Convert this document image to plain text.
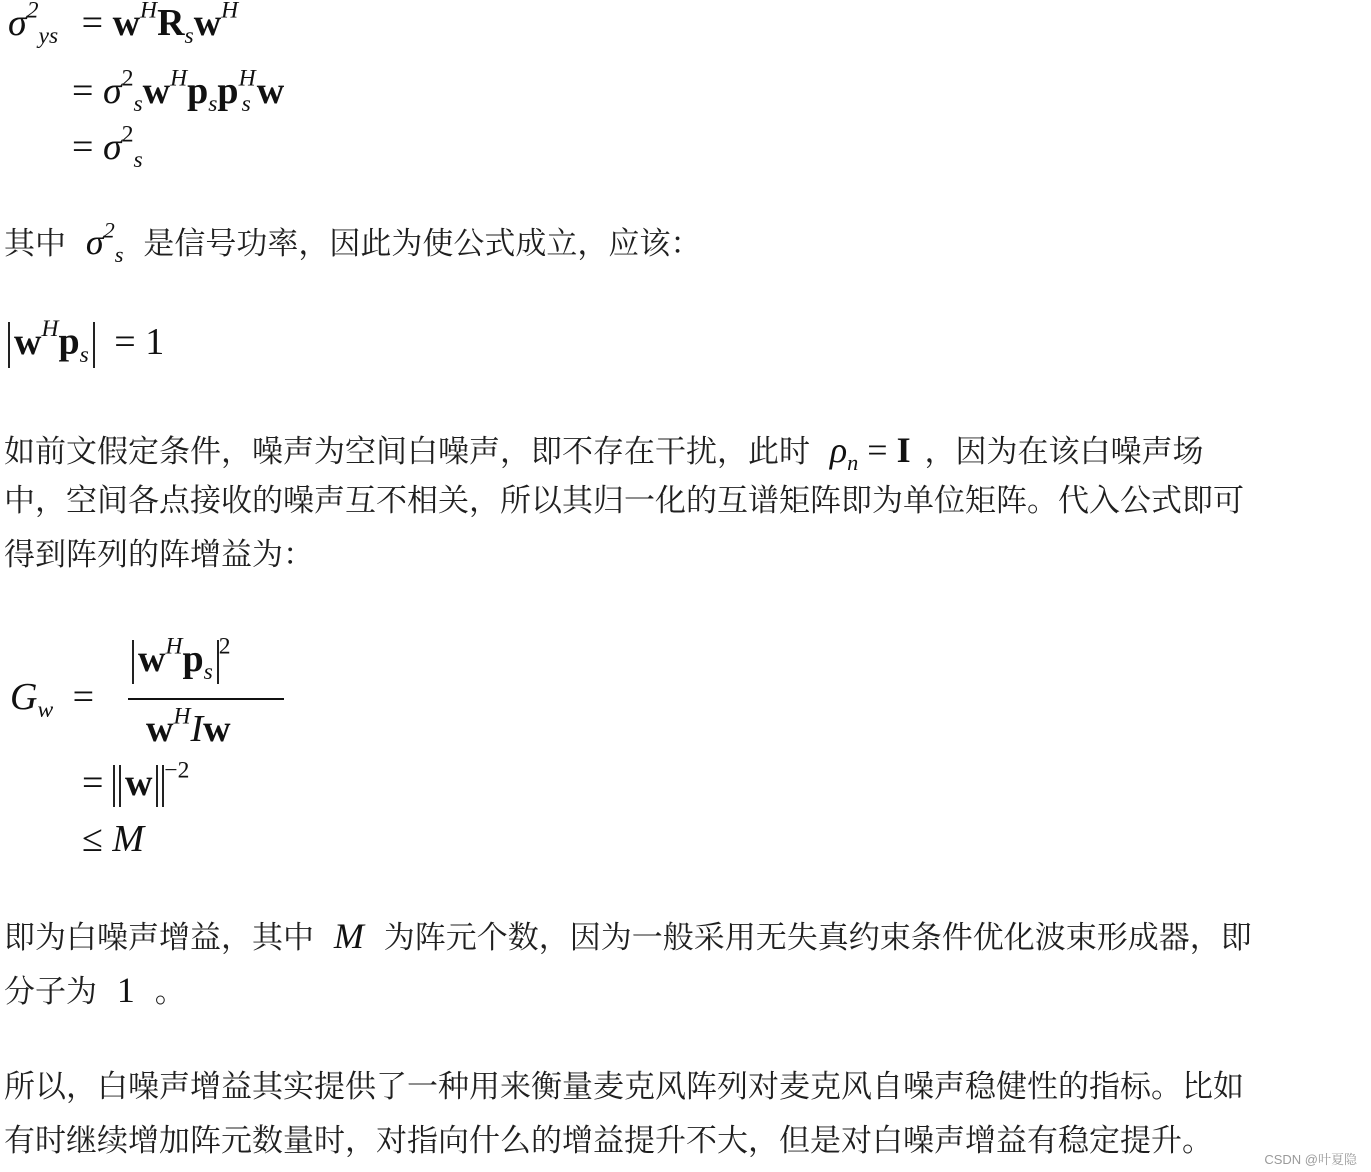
$\sigma^2_{ys} = w^HR_sw^H$
= $\sigma^2_sw^Hp_sp^H_s$ w
= $\sigma^2_s$
其中 $\sigma^2_s$ 是信号功率，因此为使公式成立，应该：
$w^Hp_s = 1$
如前文假定条件，噪声为空间白噪声，即不存在干扰，此时 $\rho_n = I$ ，因为在该白噪声场
中，空间各点接收的噪声互不相关，所以其归一化的互谱矩阵即为单位矩阵。代入公式即可
得到阵列的阵增益为：
$G_w$ =
$w^Hp_s^2$
$w^HIw$
= w $^{-2}$
≤ M
即为白噪声增益，其中 M 为阵元个数，因为一般采用无失真约束条件优化波束形成器，即
分子为 1 。
所以，白噪声增益其实提供了一种用来衡量麦克风阵列对麦克风自噪声稳健性的指标。比如
有时继续增加阵元数量时，对指向什么的增益提升不大，但是对白噪声增益有稳定提升。
CSDN @叶夏隐
